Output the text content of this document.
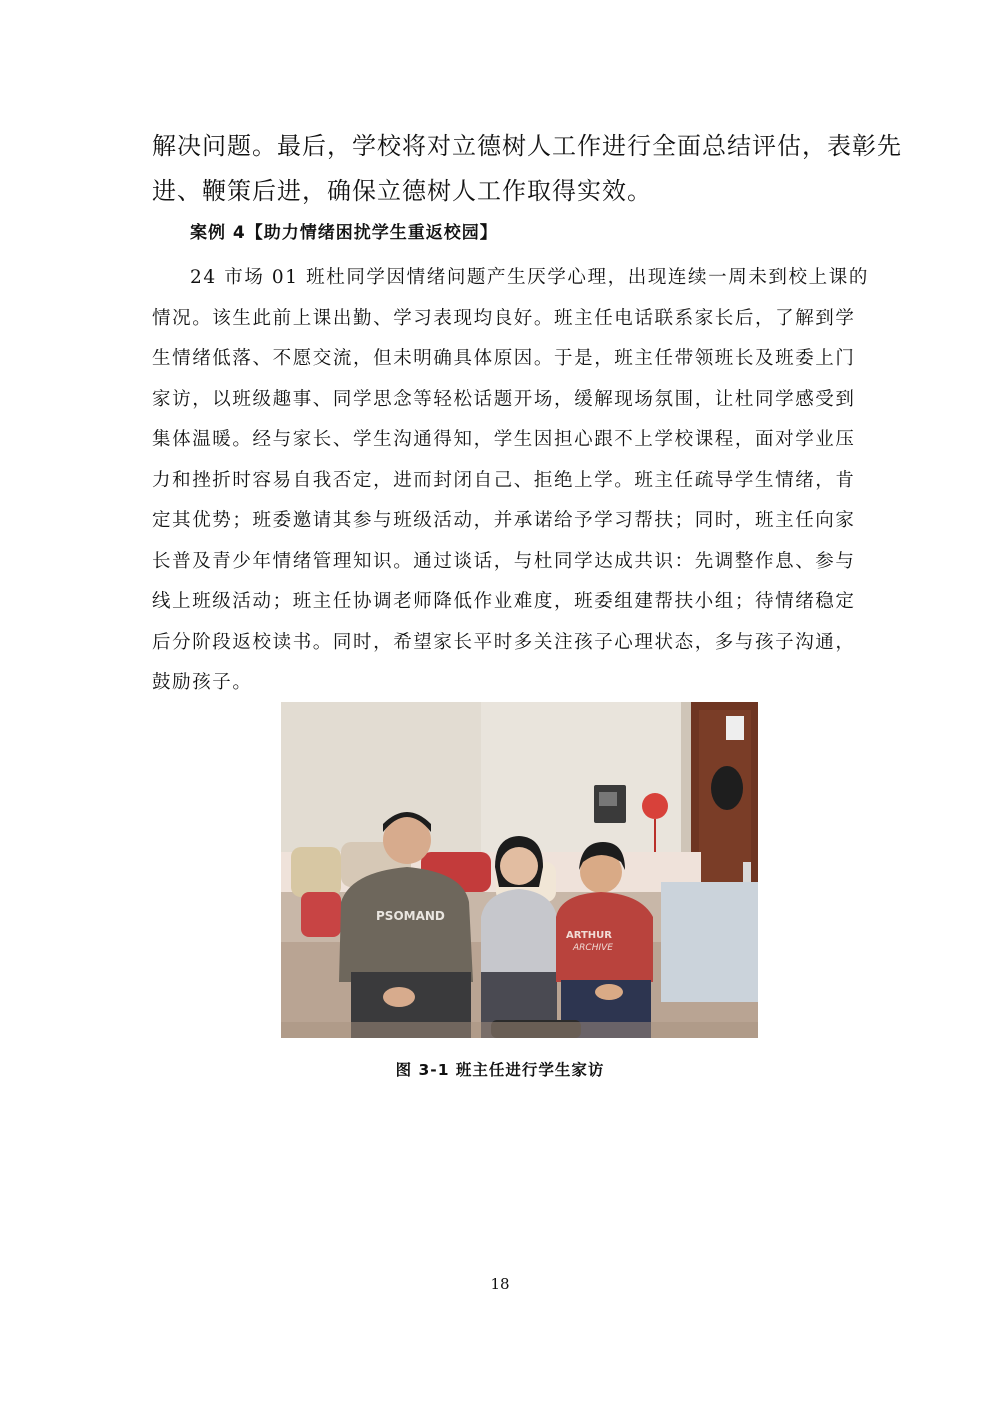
解决问题。最后，学校将对立德树人工作进行全面总结评估，表彰先
进、鞭策后进，确保立德树人工作取得实效。
案例 4【助力情绪困扰学生重返校园】
24 市场 01 班杜同学因情绪问题产生厌学心理，出现连续一周未到校上课的
情况。该生此前上课出勤、学习表现均良好。班主任电话联系家长后，了解到学
生情绪低落、不愿交流，但未明确具体原因。于是，班主任带领班长及班委上门
家访，以班级趣事、同学思念等轻松话题开场，缓解现场氛围，让杜同学感受到
集体温暖。经与家长、学生沟通得知，学生因担心跟不上学校课程，面对学业压
力和挫折时容易自我否定，进而封闭自己、拒绝上学。班主任疏导学生情绪，肯
定其优势；班委邀请其参与班级活动，并承诺给予学习帮扶；同时，班主任向家
长普及青少年情绪管理知识。通过谈话，与杜同学达成共识：先调整作息、参与
线上班级活动；班主任协调老师降低作业难度，班委组建帮扶小组；待情绪稳定
后分阶段返校读书。同时，希望家长平时多关注孩子心理状态，多与孩子沟通，
鼓励孩子。
PSOMAND
ARTHUR
ARCHIVE
图 3-1 班主任进行学生家访
18
